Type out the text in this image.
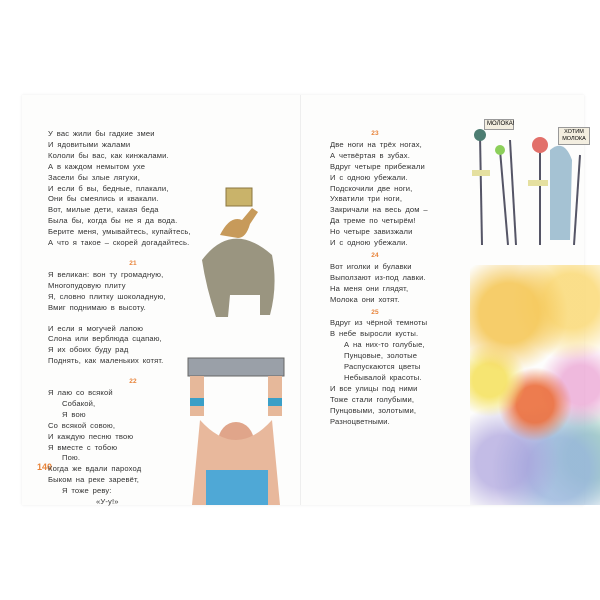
У вас жили бы гадкие змеи
И ядовитыми жалами
Кололи бы вас, как кинжалами.
А в каждом немытом ухе
Засели бы злые лягухи,
И если б вы, бедные, плакали,
Они бы смеялись и квакали.
Вот, милые дети, какая беда
Была бы, когда бы не я да вода.
Берите меня, умывайтесь, купайтесь,
А что я такое – скорей догадайтесь.
21
Я великан: вон ту громадную,
Многопудовую плиту
Я, словно плитку шоколадную,
Вмиг поднимаю в высоту.
И если я могучей лапою
Слона или верблюда сцапаю,
Я их обоих буду рад
Поднять, как маленьких котят.
22
Я лаю со всякой
Собакой,
Я вою
Со всякой совою,
И каждую песню твою
Я вместе с тобою
Пою.
Когда же вдали пароход
Быком на реке заревёт,
Я тоже реву:
«У-у!»
140
23
Две ноги на трёх ногах,
А четвёртая в зубах.
Вдруг четыре прибежали
И с одною убежали.
Подскочили две ноги,
Ухватили три ноги,
Закричали на весь дом –
Да треме по четырём!
Но четыре завизжали
И с одною убежали.
24
Вот иголки и булавки
Выползают из-под лавки.
На меня они глядят,
Молока они хотят.
25
Вдруг из чёрной темноты
В небе выросли кусты.
А на них-то голубые,
Пунцовые, золотые
Распускаются цветы
Небывалой красоты.
И все улицы под ними
Тоже стали голубыми,
Пунцовыми, золотыми,
Разноцветными.
МОЛОКА!
ХОТИМ МОЛОКА
